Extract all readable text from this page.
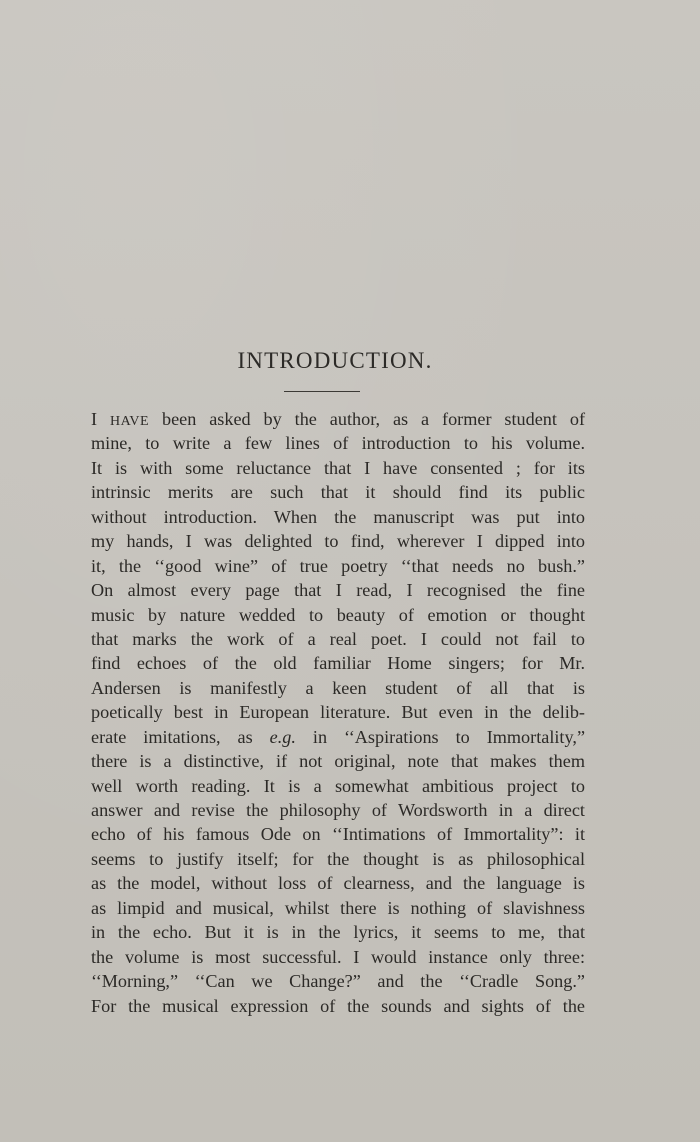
INTRODUCTION.
I HAVE been asked by the author, as a former student of
mine, to write a few lines of introduction to his volume.
It is with some reluctance that I have consented ; for its
intrinsic merits are such that it should find its public
without introduction. When the manuscript was put into
my hands, I was delighted to find, wherever I dipped into
it, the ‘‘good wine” of true poetry ‘‘that needs no bush.”
On almost every page that I read, I recognised the fine
music by nature wedded to beauty of emotion or thought
that marks the work of a real poet. I could not fail to
find echoes of the old familiar Home singers; for Mr.
Andersen is manifestly a keen student of all that is
poetically best in European literature. But even in the delib-
erate imitations, as e.g. in ‘‘Aspirations to Immortality,”
there is a distinctive, if not original, note that makes them
well worth reading. It is a somewhat ambitious project to
answer and revise the philosophy of Wordsworth in a direct
echo of his famous Ode on ‘‘Intimations of Immortality”: it
seems to justify itself; for the thought is as philosophical
as the model, without loss of clearness, and the language is
as limpid and musical, whilst there is nothing of slavishness
in the echo. But it is in the lyrics, it seems to me, that
the volume is most successful. I would instance only three:
‘‘Morning,” ‘‘Can we Change?” and the ‘‘Cradle Song.”
For the musical expression of the sounds and sights of the
